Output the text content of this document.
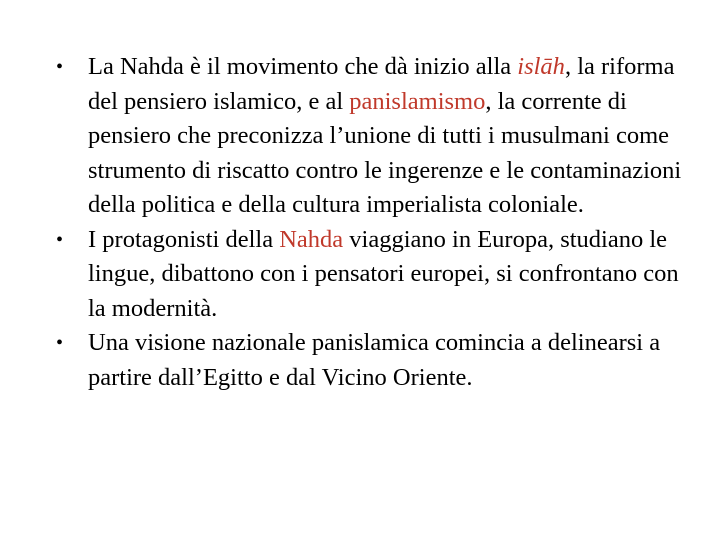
•	La Nahda è il movimento che dà inizio alla islāh, la riforma del pensiero islamico, e al panislamismo, la corrente di pensiero che preconizza l’unione di tutti i musulmani come strumento di riscatto contro le ingerenze e le contaminazioni della politica e della cultura imperialista coloniale.
•	I protagonisti della Nahda viaggiano in Europa, studiano le lingue, dibattono con i pensatori europei, si confrontano con la modernità.
•	Una visione nazionale panislamica comincia a delinearsi a partire dall’Egitto e dal Vicino Oriente.
